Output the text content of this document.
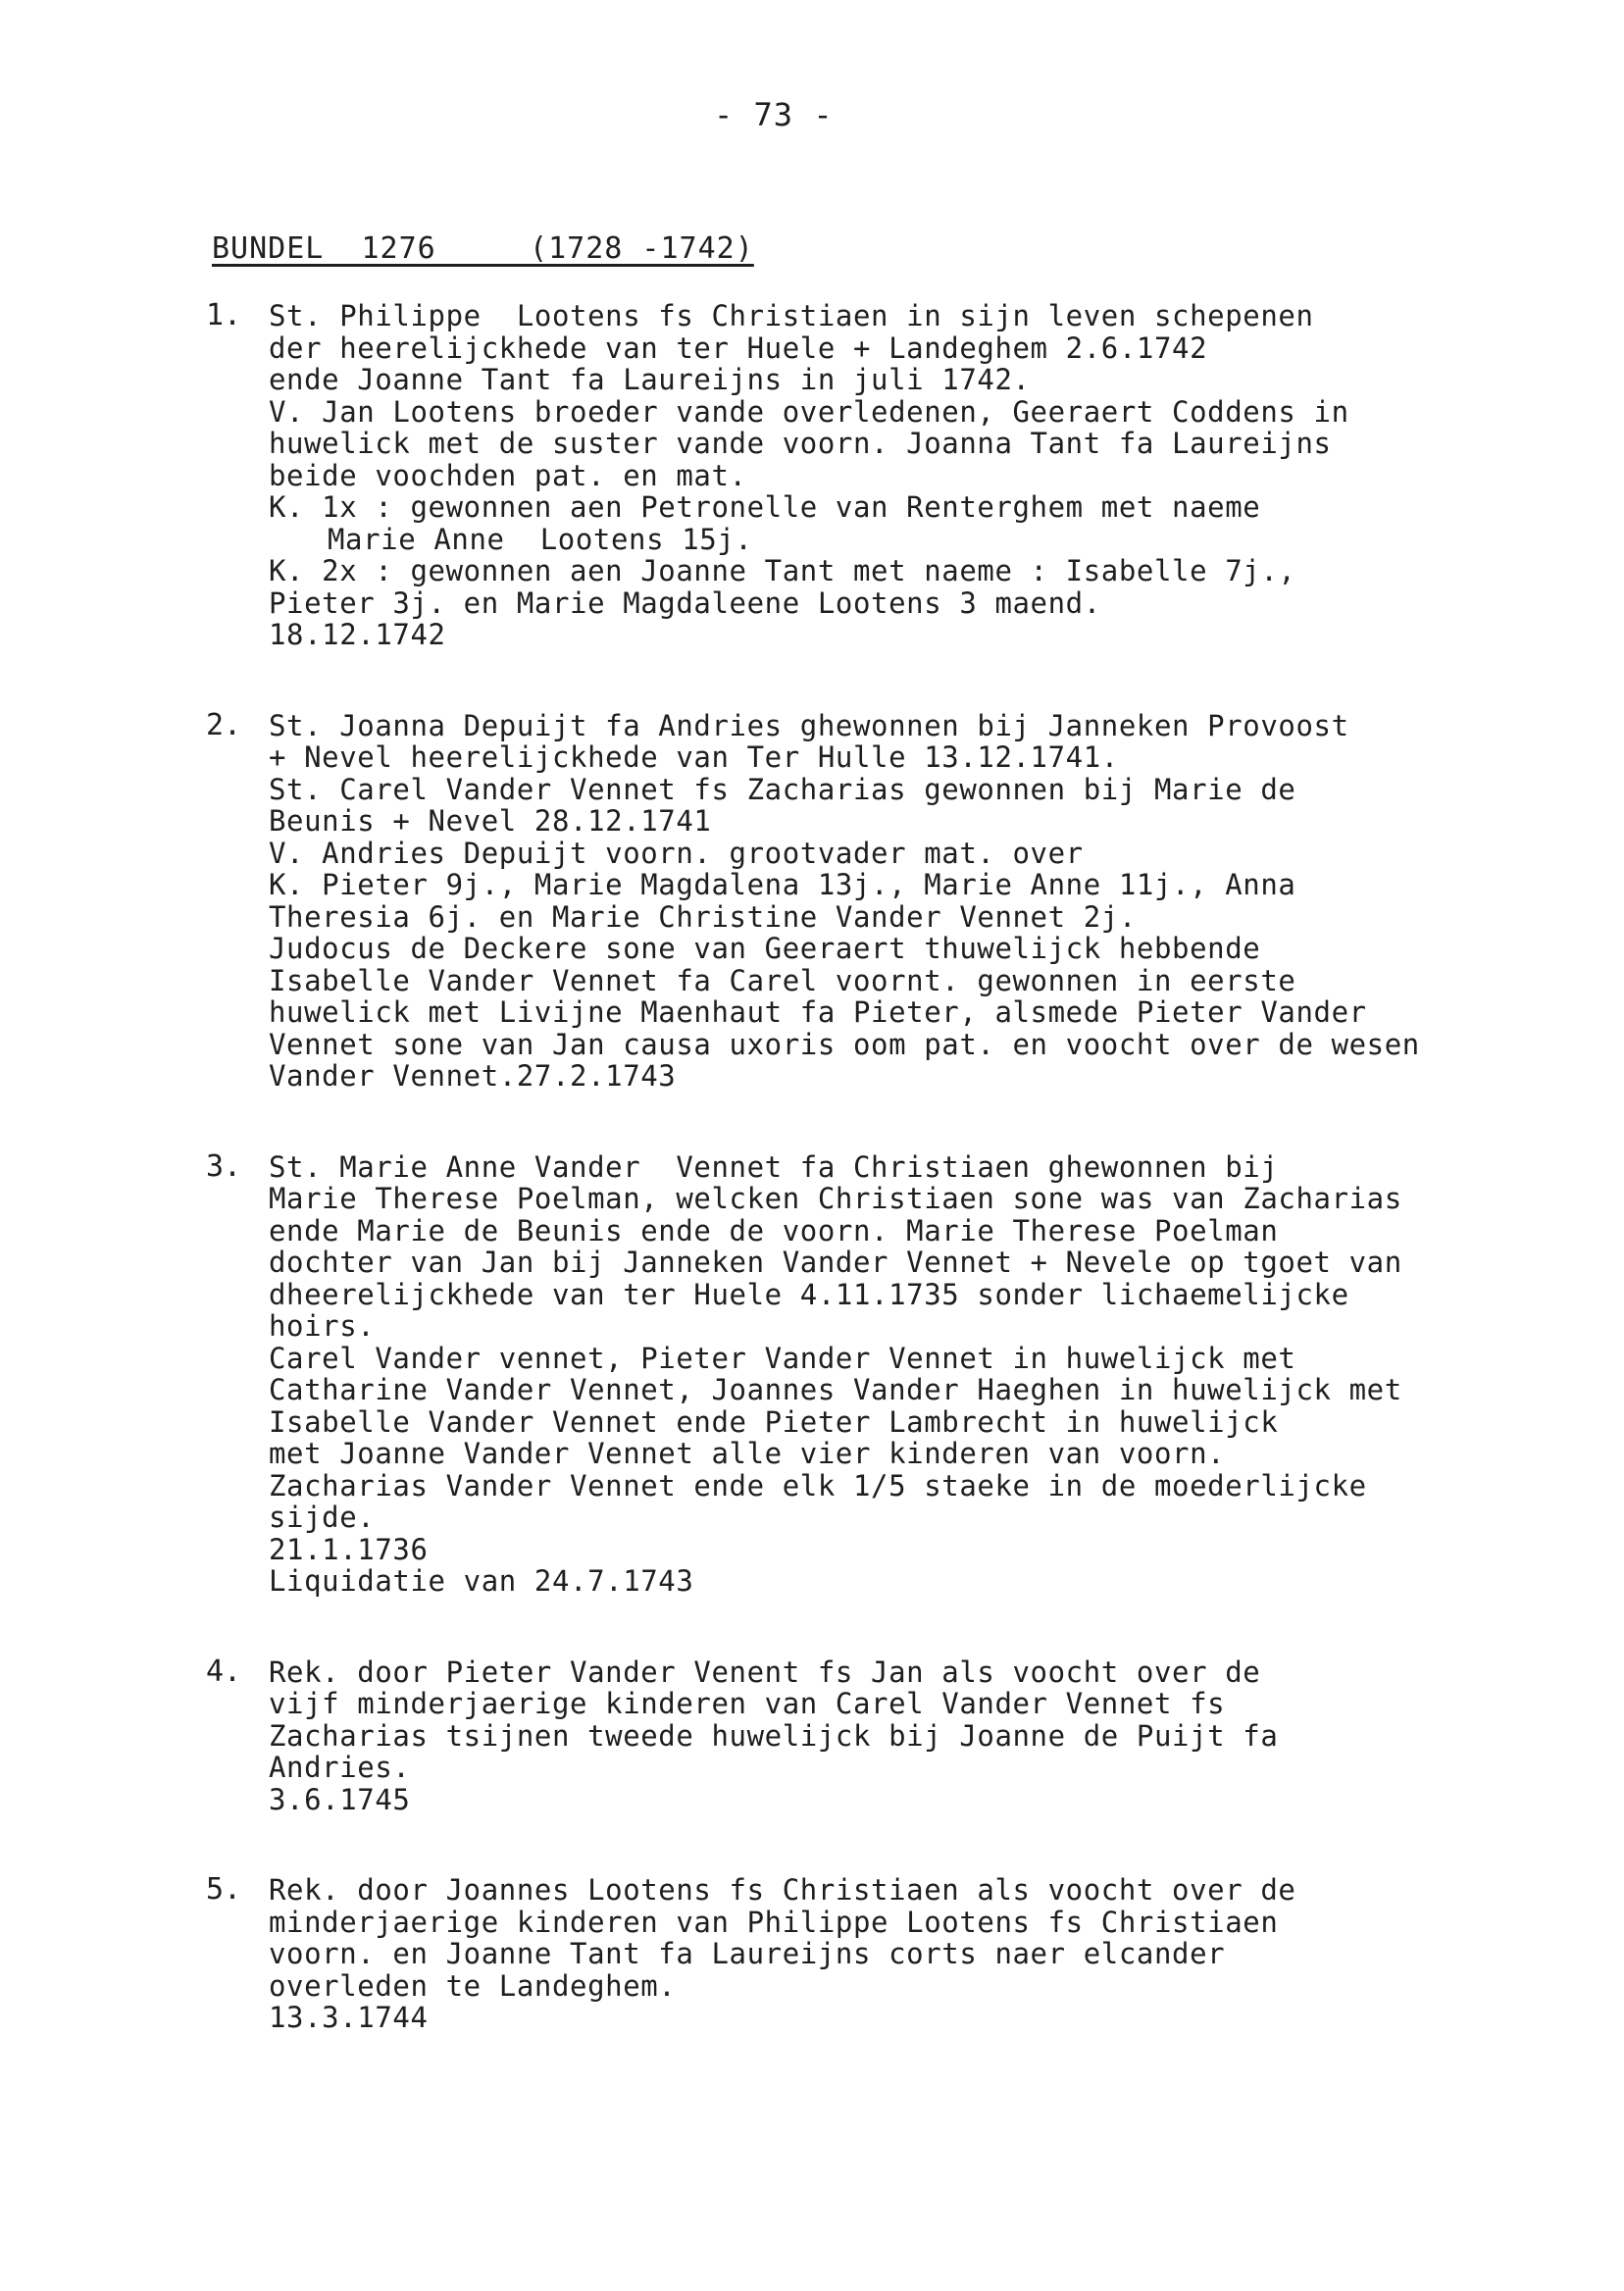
- 73 -
BUNDEL  1276     (1728 -1742)
1. St. Philippe  Lootens fs Christiaen in sijn leven schepenen
der heerelijckhede van ter Huele + Landeghem 2.6.1742
ende Joanne Tant fa Laureijns in juli 1742.
V. Jan Lootens broeder vande overledenen, Geeraert Coddens in
huwelick met de suster vande voorn. Joanna Tant fa Laureijns
beide voochden pat. en mat.
K. 1x : gewonnen aen Petronelle van Renterghem met naeme
Marie Anne  Lootens 15j.
K. 2x : gewonnen aen Joanne Tant met naeme : Isabelle 7j.,
Pieter 3j. en Marie Magdaleene Lootens 3 maend.
18.12.1742
2. St. Joanna Depuijt fa Andries ghewonnen bij Janneken Provoost
+ Nevel heerelijckhede van Ter Hulle 13.12.1741.
St. Carel Vander Vennet fs Zacharias gewonnen bij Marie de
Beunis + Nevel 28.12.1741
V. Andries Depuijt voorn. grootvader mat. over
K. Pieter 9j., Marie Magdalena 13j., Marie Anne 11j., Anna
Theresia 6j. en Marie Christine Vander Vennet 2j.
Judocus de Deckere sone van Geeraert thuwelijck hebbende
Isabelle Vander Vennet fa Carel voornt. gewonnen in eerste
huwelick met Livijne Maenhaut fa Pieter, alsmede Pieter Vander
Vennet sone van Jan causa uxoris oom pat. en voocht over de wesen
Vander Vennet.27.2.1743
3. St. Marie Anne Vander  Vennet fa Christiaen ghewonnen bij
Marie Therese Poelman, welcken Christiaen sone was van Zacharias
ende Marie de Beunis ende de voorn. Marie Therese Poelman
dochter van Jan bij Janneken Vander Vennet + Nevele op tgoet van
dheerelijckhede van ter Huele 4.11.1735 sonder lichaemelijcke
hoirs.
Carel Vander vennet, Pieter Vander Vennet in huwelijck met
Catharine Vander Vennet, Joannes Vander Haeghen in huwelijck met
Isabelle Vander Vennet ende Pieter Lambrecht in huwelijck
met Joanne Vander Vennet alle vier kinderen van voorn.
Zacharias Vander Vennet ende elk 1/5 staeke in de moederlijcke
sijde.
21.1.1736
Liquidatie van 24.7.1743
4. Rek. door Pieter Vander Venent fs Jan als voocht over de
vijf minderjaerige kinderen van Carel Vander Vennet fs
Zacharias tsijnen tweede huwelijck bij Joanne de Puijt fa
Andries.
3.6.1745
5. Rek. door Joannes Lootens fs Christiaen als voocht over de
minderjaerige kinderen van Philippe Lootens fs Christiaen
voorn. en Joanne Tant fa Laureijns corts naer elcander
overleden te Landeghem.
13.3.1744
